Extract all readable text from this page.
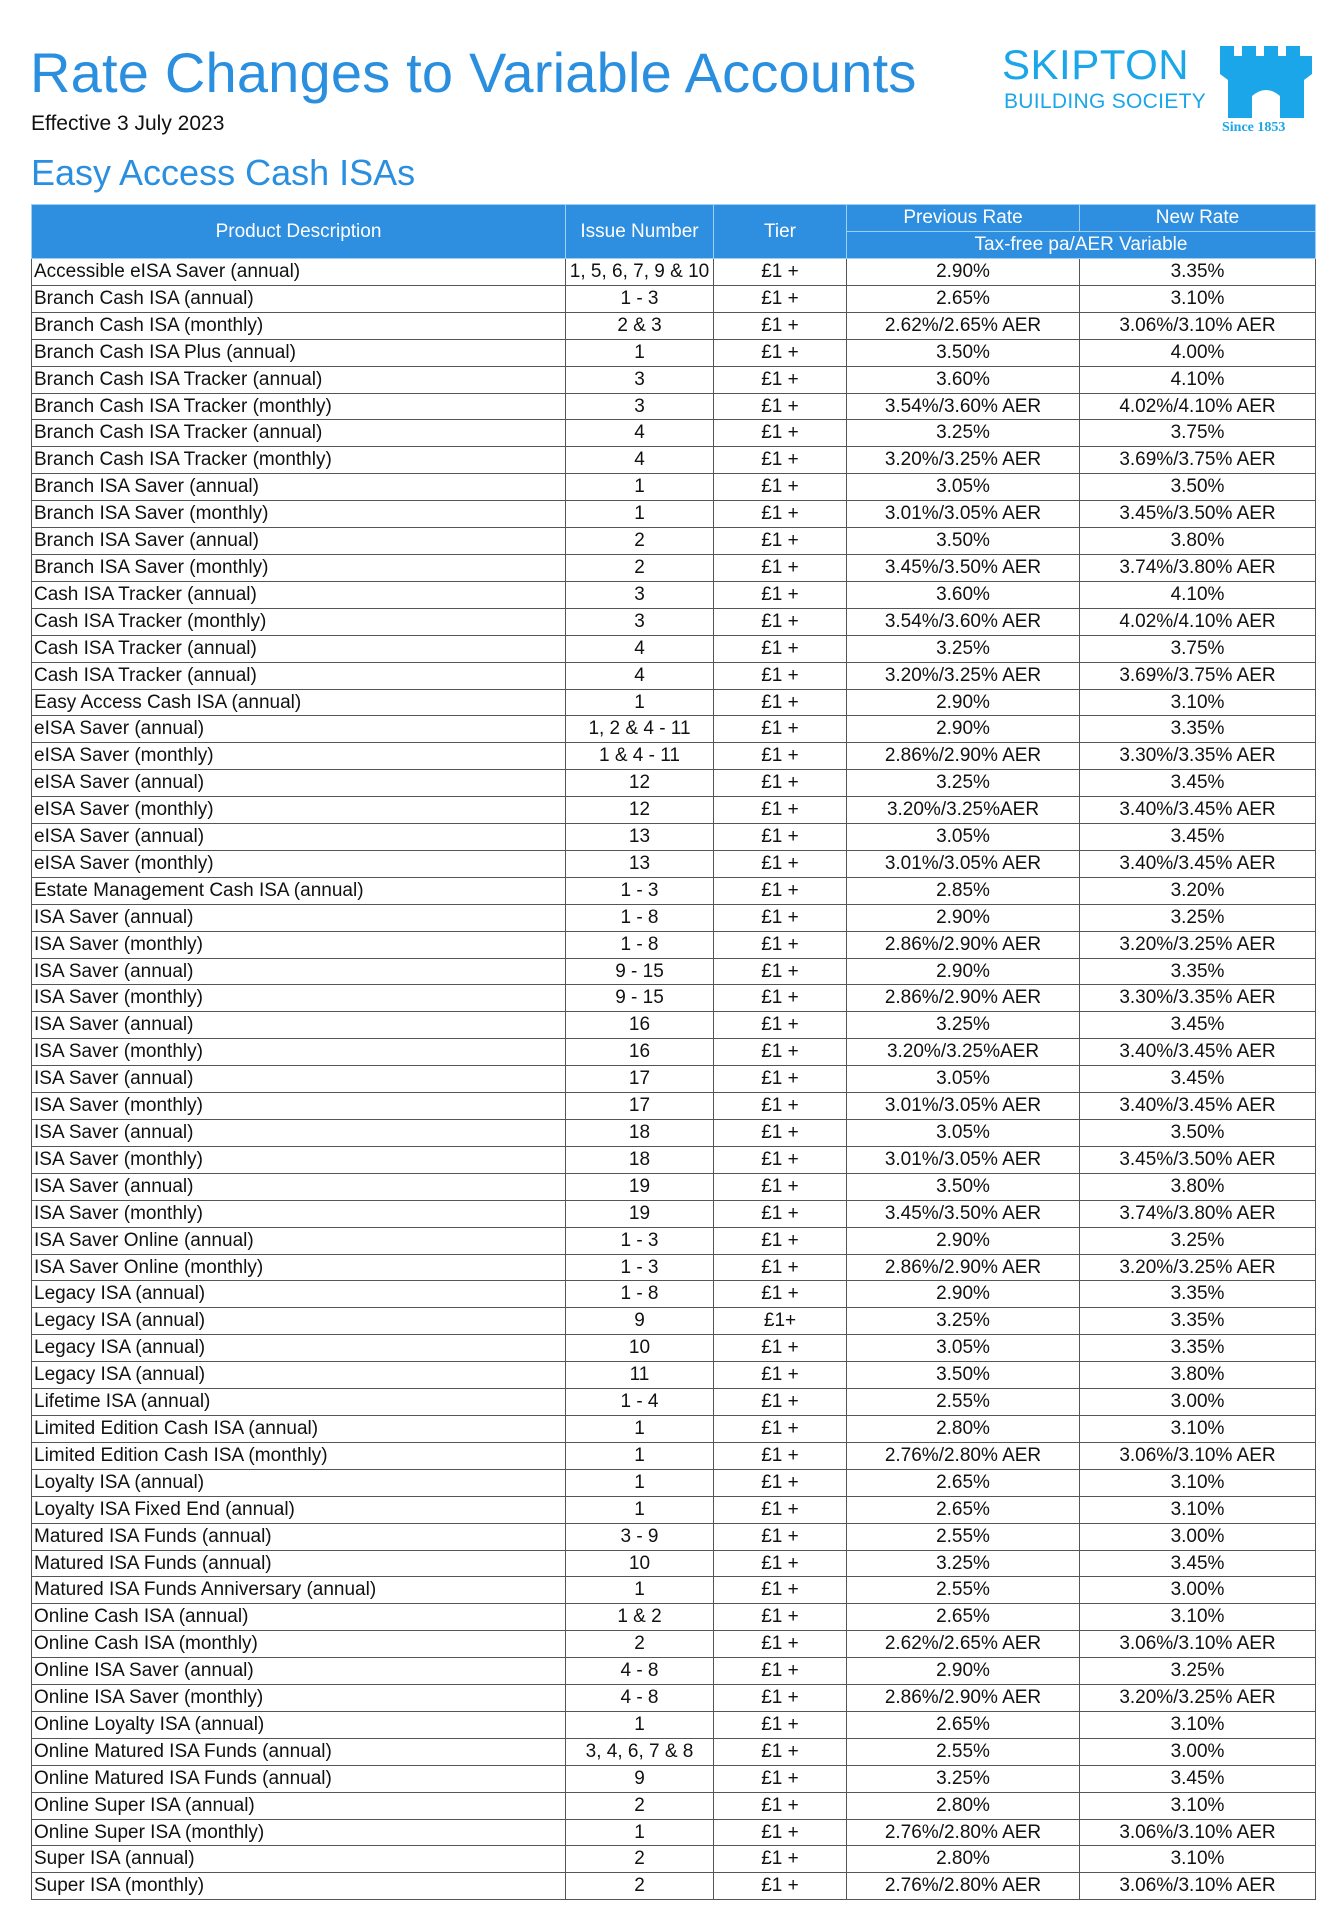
Rate Changes to Variable Accounts
Effective 3 July 2023
Easy Access Cash ISAs
SKIPTON
BUILDING SOCIETY
Since 1853
Product Description	Issue Number	Tier	Previous Rate	New Rate
			Tax-free pa/AER Variable	
Accessible eISA Saver (annual)	1, 5, 6, 7, 9 & 10	£1 +	2.90%	3.35%
Branch Cash ISA (annual)	1 - 3	£1 +	2.65%	3.10%
Branch Cash ISA (monthly)	2 & 3	£1 +	2.62%/2.65% AER	3.06%/3.10% AER
Branch Cash ISA Plus (annual)	1	£1 +	3.50%	4.00%
Branch Cash ISA Tracker (annual)	3	£1 +	3.60%	4.10%
Branch Cash ISA Tracker (monthly)	3	£1 +	3.54%/3.60% AER	4.02%/4.10% AER
Branch Cash ISA Tracker (annual)	4	£1 +	3.25%	3.75%
Branch Cash ISA Tracker (monthly)	4	£1 +	3.20%/3.25% AER	3.69%/3.75% AER
Branch ISA Saver (annual)	1	£1 +	3.05%	3.50%
Branch ISA Saver (monthly)	1	£1 +	3.01%/3.05% AER	3.45%/3.50% AER
Branch ISA Saver (annual)	2	£1 +	3.50%	3.80%
Branch ISA Saver (monthly)	2	£1 +	3.45%/3.50% AER	3.74%/3.80% AER
Cash ISA Tracker (annual)	3	£1 +	3.60%	4.10%
Cash ISA Tracker (monthly)	3	£1 +	3.54%/3.60% AER	4.02%/4.10% AER
Cash ISA Tracker (annual)	4	£1 +	3.25%	3.75%
Cash ISA Tracker (annual)	4	£1 +	3.20%/3.25% AER	3.69%/3.75% AER
Easy Access Cash ISA (annual)	1	£1 +	2.90%	3.10%
eISA Saver (annual)	1, 2 & 4 - 11	£1 +	2.90%	3.35%
eISA Saver (monthly)	1 & 4 - 11	£1 +	2.86%/2.90% AER	3.30%/3.35% AER
eISA Saver (annual)	12	£1 +	3.25%	3.45%
eISA Saver (monthly)	12	£1 +	3.20%/3.25%AER	3.40%/3.45% AER
eISA Saver (annual)	13	£1 +	3.05%	3.45%
eISA Saver (monthly)	13	£1 +	3.01%/3.05% AER	3.40%/3.45% AER
Estate Management Cash ISA (annual)	1 - 3	£1 +	2.85%	3.20%
ISA Saver (annual)	1 - 8	£1 +	2.90%	3.25%
ISA Saver (monthly)	1 - 8	£1 +	2.86%/2.90% AER	3.20%/3.25% AER
ISA Saver (annual)	9 - 15	£1 +	2.90%	3.35%
ISA Saver (monthly)	9 - 15	£1 +	2.86%/2.90% AER	3.30%/3.35% AER
ISA Saver (annual)	16	£1 +	3.25%	3.45%
ISA Saver (monthly)	16	£1 +	3.20%/3.25%AER	3.40%/3.45% AER
ISA Saver (annual)	17	£1 +	3.05%	3.45%
ISA Saver (monthly)	17	£1 +	3.01%/3.05% AER	3.40%/3.45% AER
ISA Saver (annual)	18	£1 +	3.05%	3.50%
ISA Saver (monthly)	18	£1 +	3.01%/3.05% AER	3.45%/3.50% AER
ISA Saver (annual)	19	£1 +	3.50%	3.80%
ISA Saver (monthly)	19	£1 +	3.45%/3.50% AER	3.74%/3.80% AER
ISA Saver Online (annual)	1 - 3	£1 +	2.90%	3.25%
ISA Saver Online (monthly)	1 - 3	£1 +	2.86%/2.90% AER	3.20%/3.25% AER
Legacy ISA (annual)	1 - 8	£1 +	2.90%	3.35%
Legacy ISA (annual)	9	£1+	3.25%	3.35%
Legacy ISA (annual)	10	£1 +	3.05%	3.35%
Legacy ISA (annual)	11	£1 +	3.50%	3.80%
Lifetime ISA (annual)	1 - 4	£1 +	2.55%	3.00%
Limited Edition Cash ISA (annual)	1	£1 +	2.80%	3.10%
Limited Edition Cash ISA (monthly)	1	£1 +	2.76%/2.80% AER	3.06%/3.10% AER
Loyalty ISA (annual)	1	£1 +	2.65%	3.10%
Loyalty ISA Fixed End (annual)	1	£1 +	2.65%	3.10%
Matured ISA Funds (annual)	3 - 9	£1 +	2.55%	3.00%
Matured ISA Funds (annual)	10	£1 +	3.25%	3.45%
Matured ISA Funds Anniversary (annual)	1	£1 +	2.55%	3.00%
Online Cash ISA (annual)	1 & 2	£1 +	2.65%	3.10%
Online Cash ISA (monthly)	2	£1 +	2.62%/2.65% AER	3.06%/3.10% AER
Online ISA Saver (annual)	4 - 8	£1 +	2.90%	3.25%
Online ISA Saver (monthly)	4 - 8	£1 +	2.86%/2.90% AER	3.20%/3.25% AER
Online Loyalty ISA (annual)	1	£1 +	2.65%	3.10%
Online Matured ISA Funds (annual)	3, 4, 6, 7 & 8	£1 +	2.55%	3.00%
Online Matured ISA Funds (annual)	9	£1 +	3.25%	3.45%
Online Super ISA (annual)	2	£1 +	2.80%	3.10%
Online Super ISA (monthly)	1	£1 +	2.76%/2.80% AER	3.06%/3.10% AER
Super ISA (annual)	2	£1 +	2.80%	3.10%
Super ISA (monthly)	2	£1 +	2.76%/2.80% AER	3.06%/3.10% AER
